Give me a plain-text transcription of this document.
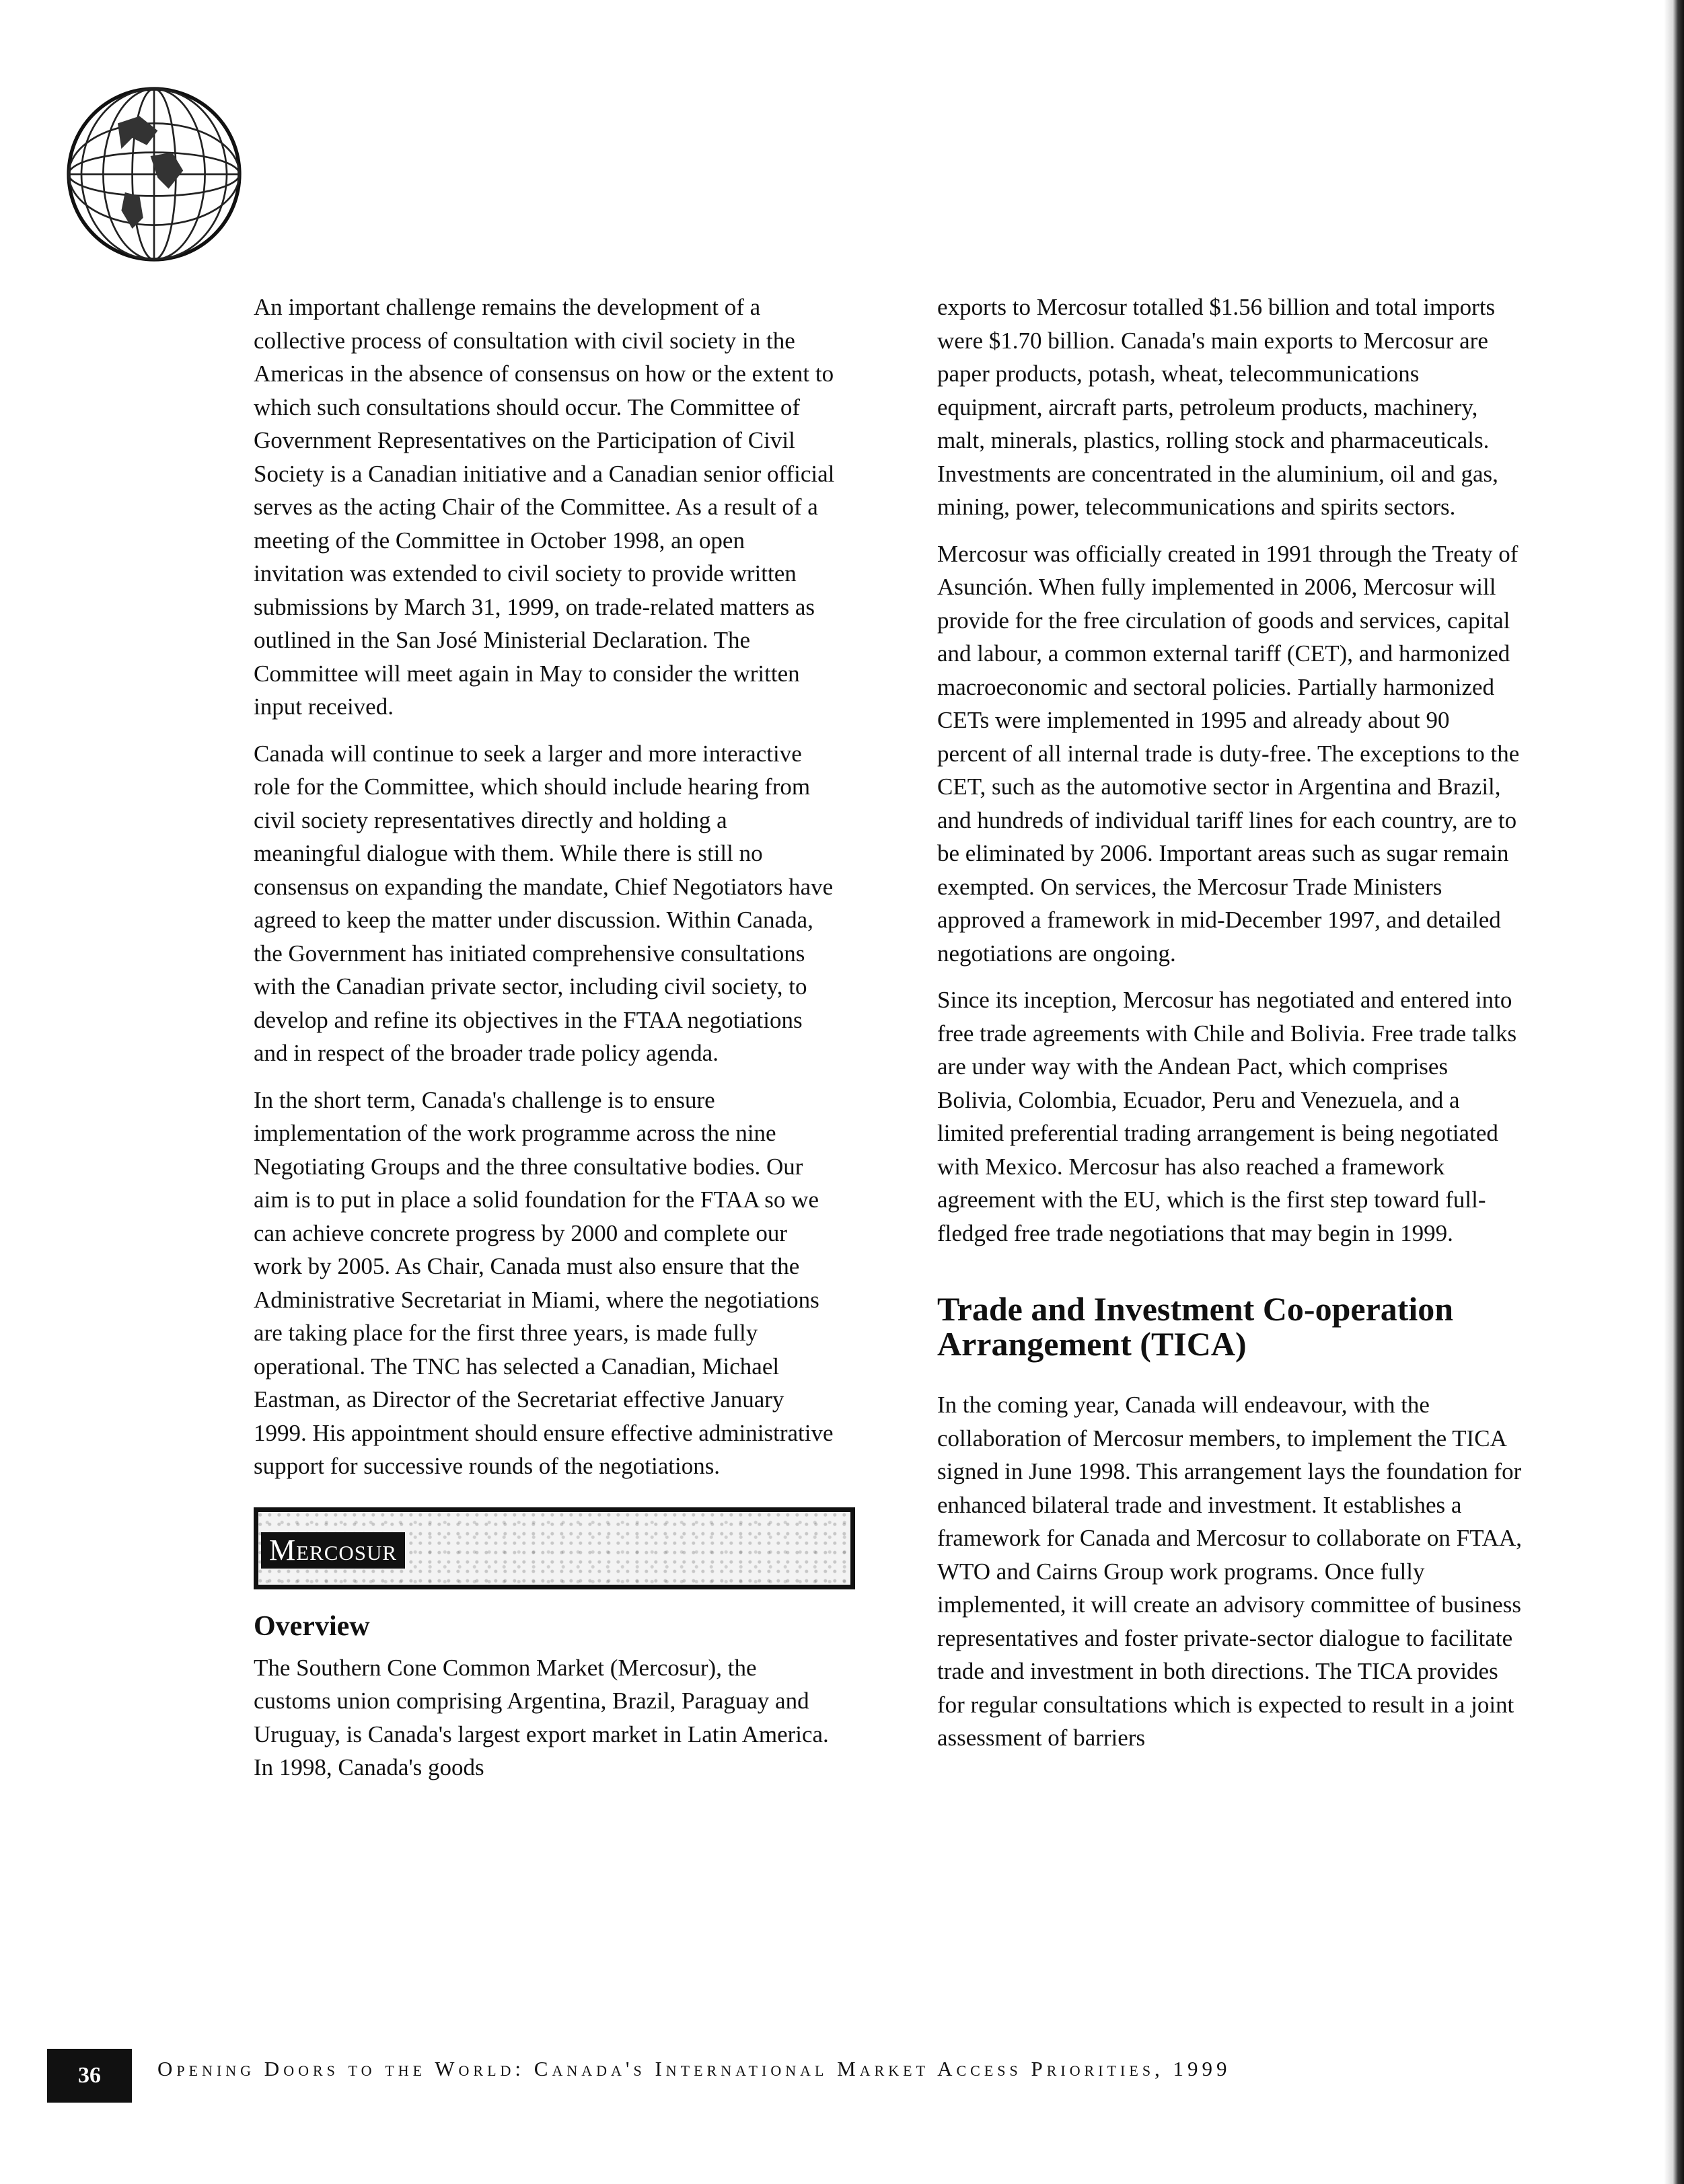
An important challenge remains the development of a collective process of consultation with civil society in the Americas in the absence of consensus on how or the extent to which such consultations should occur. The Committee of Government Representatives on the Participation of Civil Society is a Canadian initiative and a Canadian senior official serves as the acting Chair of the Committee. As a result of a meeting of the Committee in October 1998, an open invitation was extended to civil society to provide written submissions by March 31, 1999, on trade-related matters as outlined in the San José Ministerial Declaration. The Committee will meet again in May to consider the written input received.

Canada will continue to seek a larger and more interactive role for the Committee, which should include hearing from civil society representatives directly and holding a meaningful dialogue with them. While there is still no consensus on expanding the mandate, Chief Negotiators have agreed to keep the matter under discussion. Within Canada, the Government has initiated comprehensive consultations with the Canadian private sector, including civil society, to develop and refine its objectives in the FTAA negotiations and in respect of the broader trade policy agenda.

In the short term, Canada's challenge is to ensure implementation of the work programme across the nine Negotiating Groups and the three consultative bodies. Our aim is to put in place a solid foundation for the FTAA so we can achieve concrete progress by 2000 and complete our work by 2005. As Chair, Canada must also ensure that the Administrative Secretariat in Miami, where the negotiations are taking place for the first three years, is made fully operational. The TNC has selected a Canadian, Michael Eastman, as Director of the Secretariat effective January 1999. His appointment should ensure effective administrative support for successive rounds of the negotiations.

Mercosur
Overview

The Southern Cone Common Market (Mercosur), the customs union comprising Argentina, Brazil, Paraguay and Uruguay, is Canada's largest export market in Latin America. In 1998, Canada's goods

exports to Mercosur totalled $1.56 billion and total imports were $1.70 billion. Canada's main exports to Mercosur are paper products, potash, wheat, telecommunications equipment, aircraft parts, petroleum products, machinery, malt, minerals, plastics, rolling stock and pharmaceuticals. Investments are concentrated in the aluminium, oil and gas, mining, power, telecommunications and spirits sectors.

Mercosur was officially created in 1991 through the Treaty of Asunción. When fully implemented in 2006, Mercosur will provide for the free circulation of goods and services, capital and labour, a common external tariff (CET), and harmonized macroeconomic and sectoral policies. Partially harmonized CETs were implemented in 1995 and already about 90 percent of all internal trade is duty-free. The exceptions to the CET, such as the automotive sector in Argentina and Brazil, and hundreds of individual tariff lines for each country, are to be eliminated by 2006. Important areas such as sugar remain exempted. On services, the Mercosur Trade Ministers approved a framework in mid-December 1997, and detailed negotiations are ongoing.

Since its inception, Mercosur has negotiated and entered into free trade agreements with Chile and Bolivia. Free trade talks are under way with the Andean Pact, which comprises Bolivia, Colombia, Ecuador, Peru and Venezuela, and a limited preferential trading arrangement is being negotiated with Mexico. Mercosur has also reached a framework agreement with the EU, which is the first step toward full-fledged free trade negotiations that may begin in 1999.

Trade and Investment Co-operation Arrangement (TICA)

In the coming year, Canada will endeavour, with the collaboration of Mercosur members, to implement the TICA signed in June 1998. This arrangement lays the foundation for enhanced bilateral trade and investment. It establishes a framework for Canada and Mercosur to collaborate on FTAA, WTO and Cairns Group work programs. Once fully implemented, it will create an advisory committee of business representatives and foster private-sector dialogue to facilitate trade and investment in both directions. The TICA provides for regular consultations which is expected to result in a joint assessment of barriers

36	Opening Doors to the World: Canada's International Market Access Priorities, 1999
